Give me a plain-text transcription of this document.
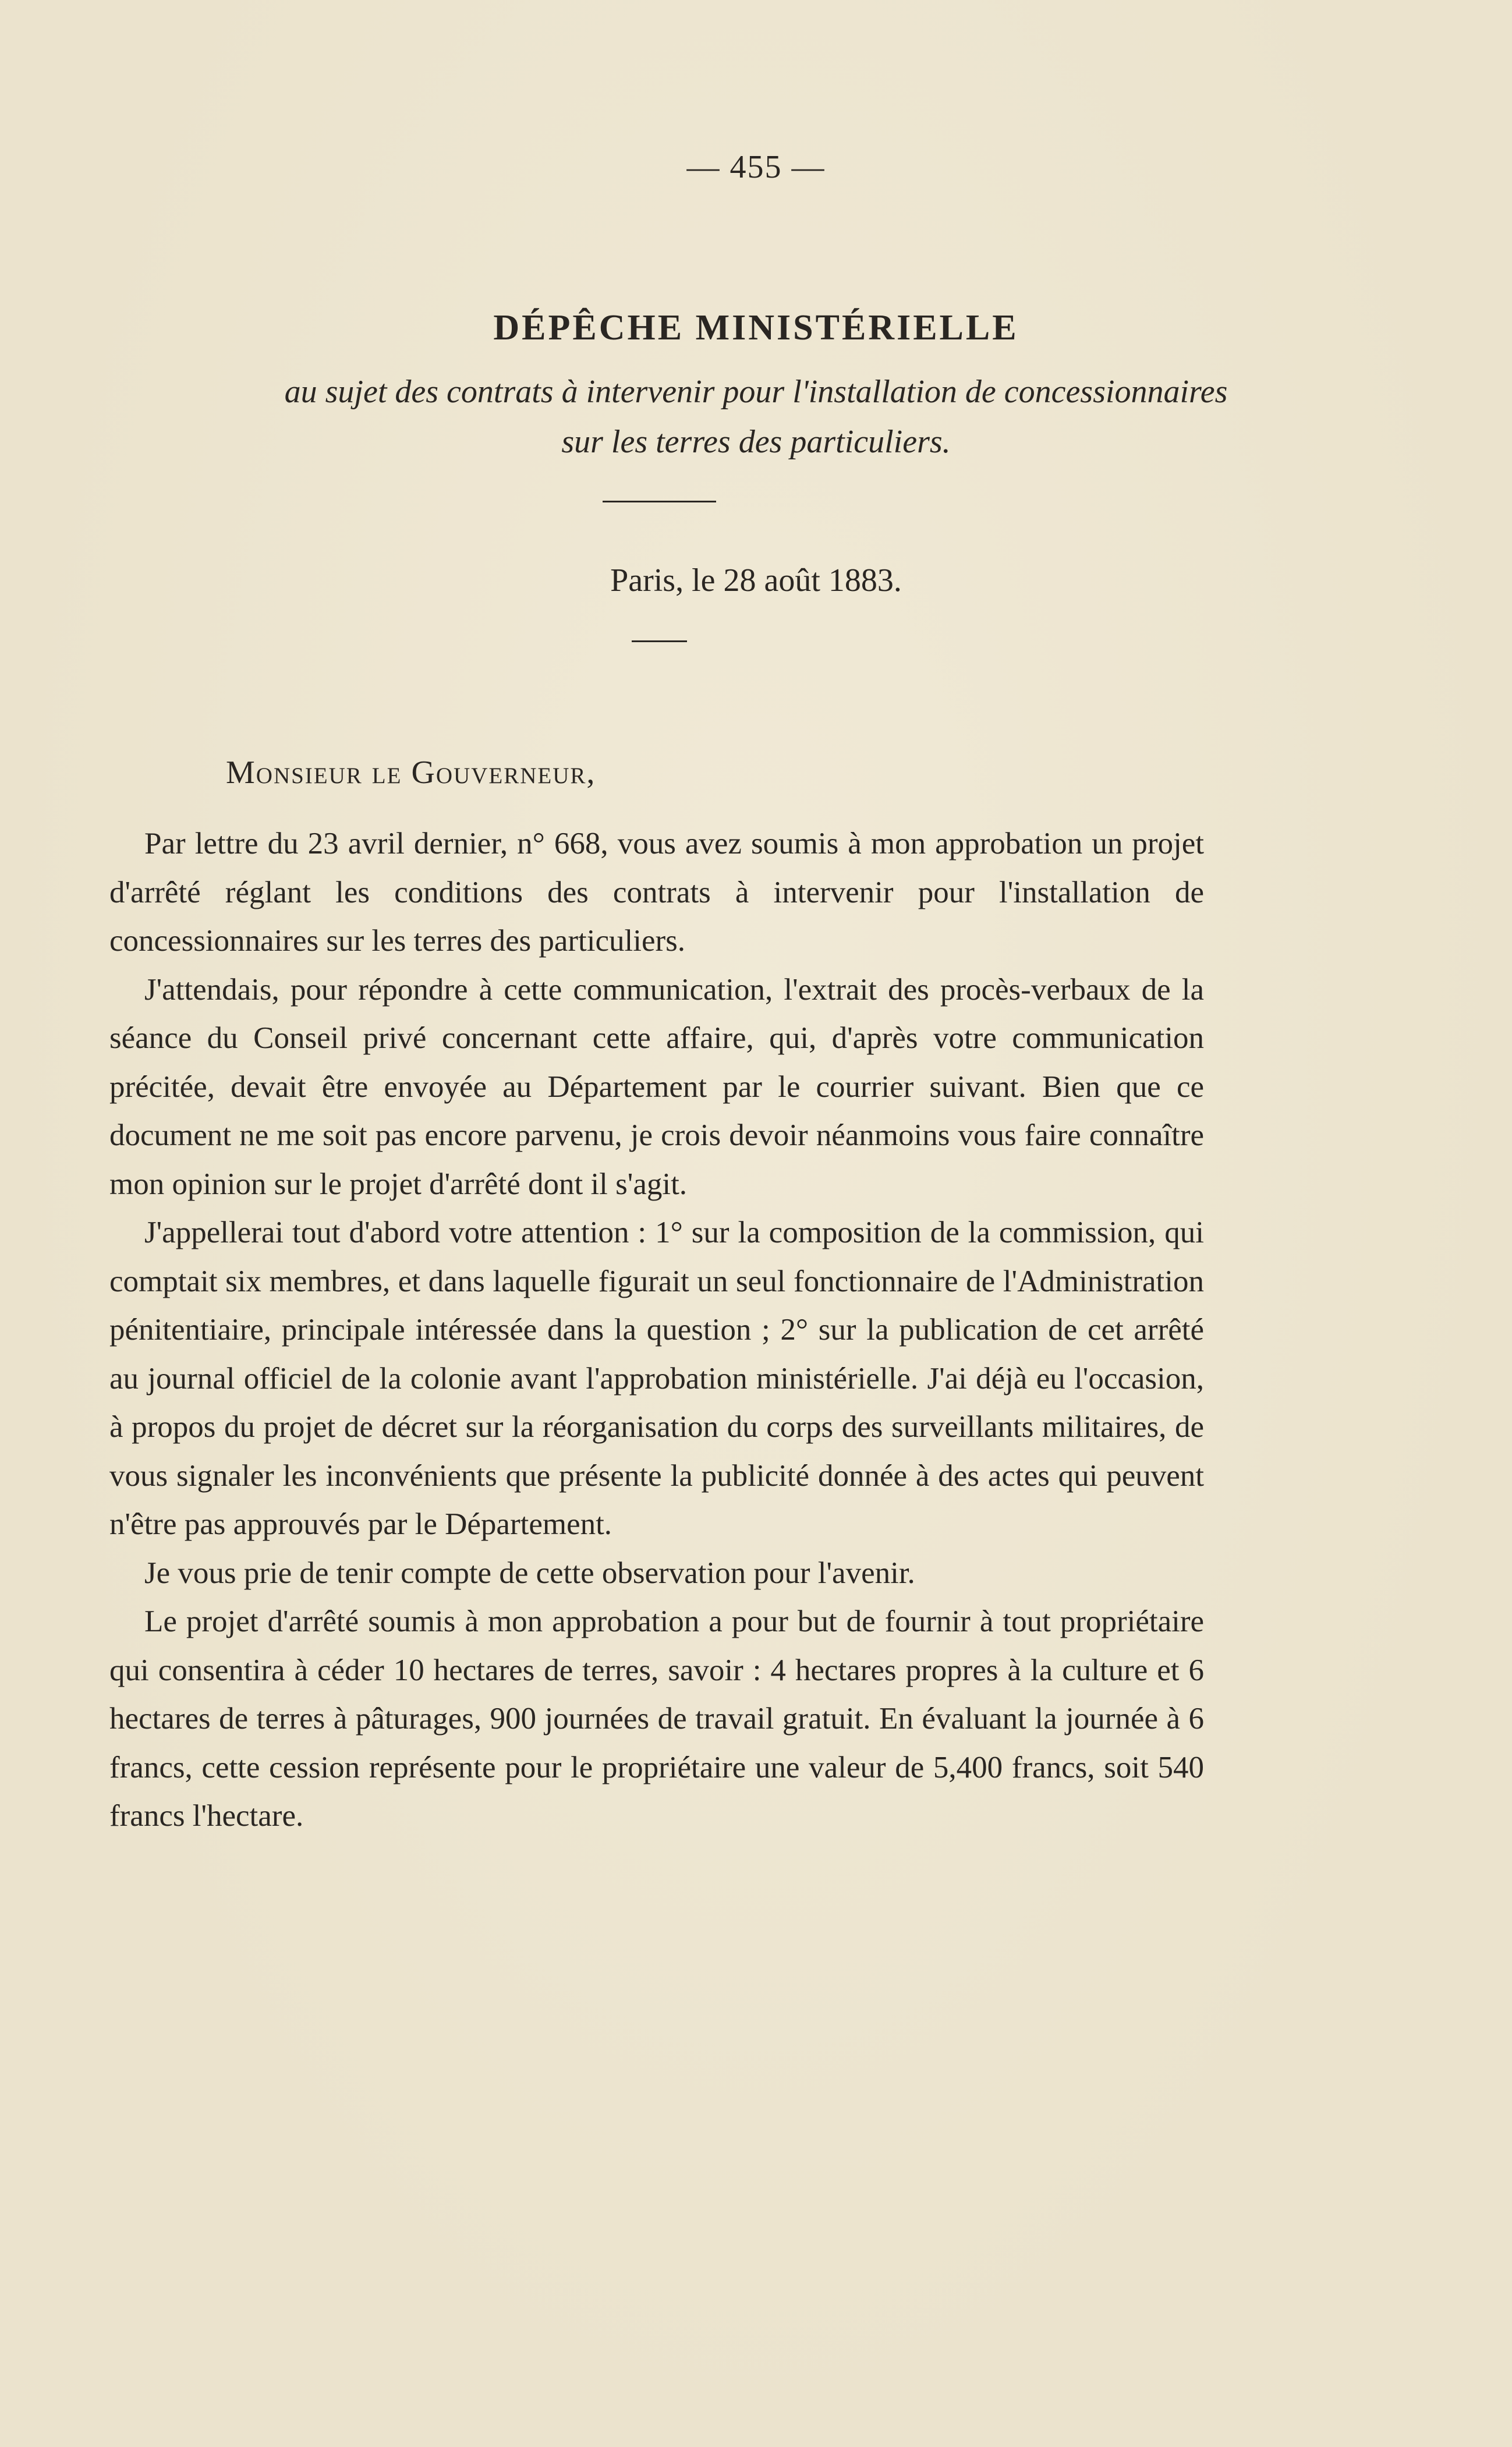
— 455 —
DÉPÊCHE MINISTÉRIELLE
au sujet des contrats à intervenir pour l'installation de concessionnaires
sur les terres des particuliers.
Paris, le 28 août 1883.
Monsieur le Gouverneur,

Par lettre du 23 avril dernier, n° 668, vous avez soumis à mon approbation un projet d'arrêté réglant les conditions des contrats à intervenir pour l'installation de concessionnaires sur les terres des particuliers.

J'attendais, pour répondre à cette communication, l'extrait des procès-verbaux de la séance du Conseil privé concernant cette affaire, qui, d'après votre communication précitée, devait être envoyée au Département par le courrier suivant. Bien que ce document ne me soit pas encore parvenu, je crois devoir néanmoins vous faire connaître mon opinion sur le projet d'arrêté dont il s'agit.

J'appellerai tout d'abord votre attention : 1° sur la composition de la commission, qui comptait six membres, et dans laquelle figurait un seul fonctionnaire de l'Administration pénitentiaire, principale intéressée dans la question ; 2° sur la publication de cet arrêté au journal officiel de la colonie avant l'approbation ministérielle. J'ai déjà eu l'occasion, à propos du projet de décret sur la réorganisation du corps des surveillants militaires, de vous signaler les inconvénients que présente la publicité donnée à des actes qui peuvent n'être pas approuvés par le Département.

Je vous prie de tenir compte de cette observation pour l'avenir.

Le projet d'arrêté soumis à mon approbation a pour but de fournir à tout propriétaire qui consentira à céder 10 hectares de terres, savoir : 4 hectares propres à la culture et 6 hectares de terres à pâturages, 900 journées de travail gratuit. En évaluant la journée à 6 francs, cette cession représente pour le propriétaire une valeur de 5,400 francs, soit 540 francs l'hectare.
